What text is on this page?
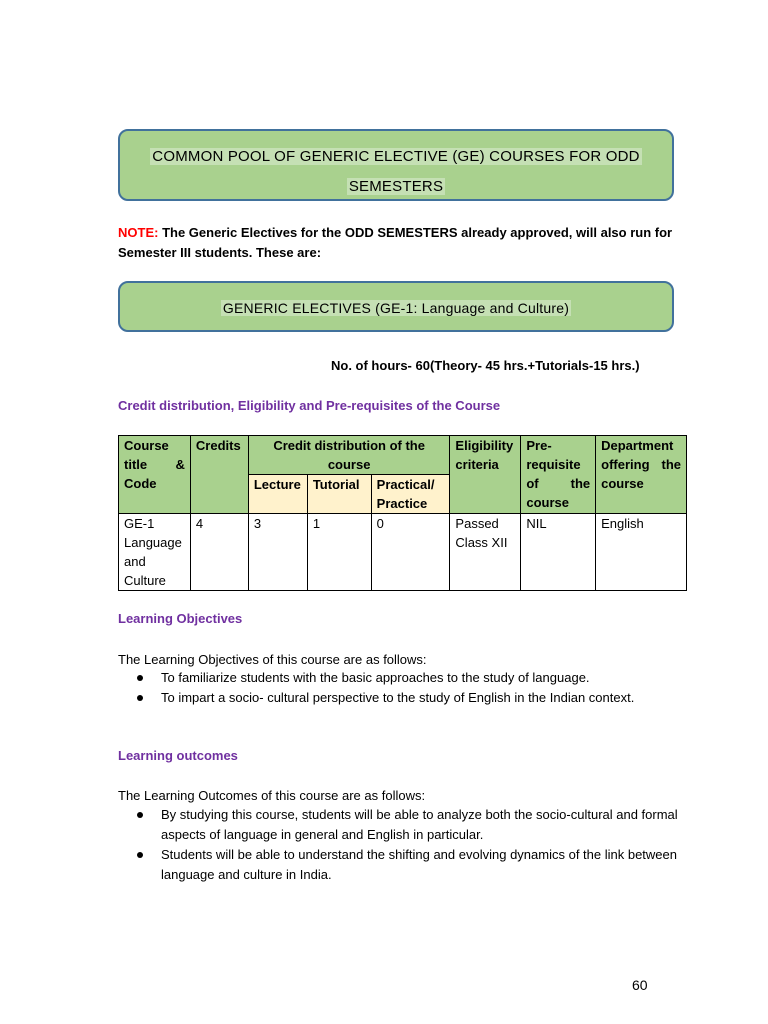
COMMON POOL OF GENERIC ELECTIVE (GE) COURSES FOR ODD
SEMESTERS
NOTE: The Generic Electives for the ODD SEMESTERS already approved, will also run for Semester III students. These are:
GENERIC ELECTIVES (GE-1: Language and Culture)
No. of hours- 60(Theory- 45 hrs.+Tutorials-15 hrs.)
Credit distribution, Eligibility and Pre-requisites of the Course
Course title & Code	Credits	Credit distribution of the course			Eligibility criteria	Pre-requisite of the course	Department offering the course
		Lecture	Tutorial	Practical/ Practice			
GE-1 Language and Culture	4	3	1	0	Passed Class XII	NIL	English
Learning Objectives
The Learning Objectives of this course are as follows:
To familiarize students with the basic approaches to the study of language.
To impart a socio- cultural perspective to the study of English in the Indian context.
Learning outcomes
The Learning Outcomes of this course are as follows:
By studying this course, students will be able to analyze both the socio-cultural and formal aspects of language in general and English in particular.
Students will be able to understand the shifting and evolving dynamics of the link between language and culture in India.
60
